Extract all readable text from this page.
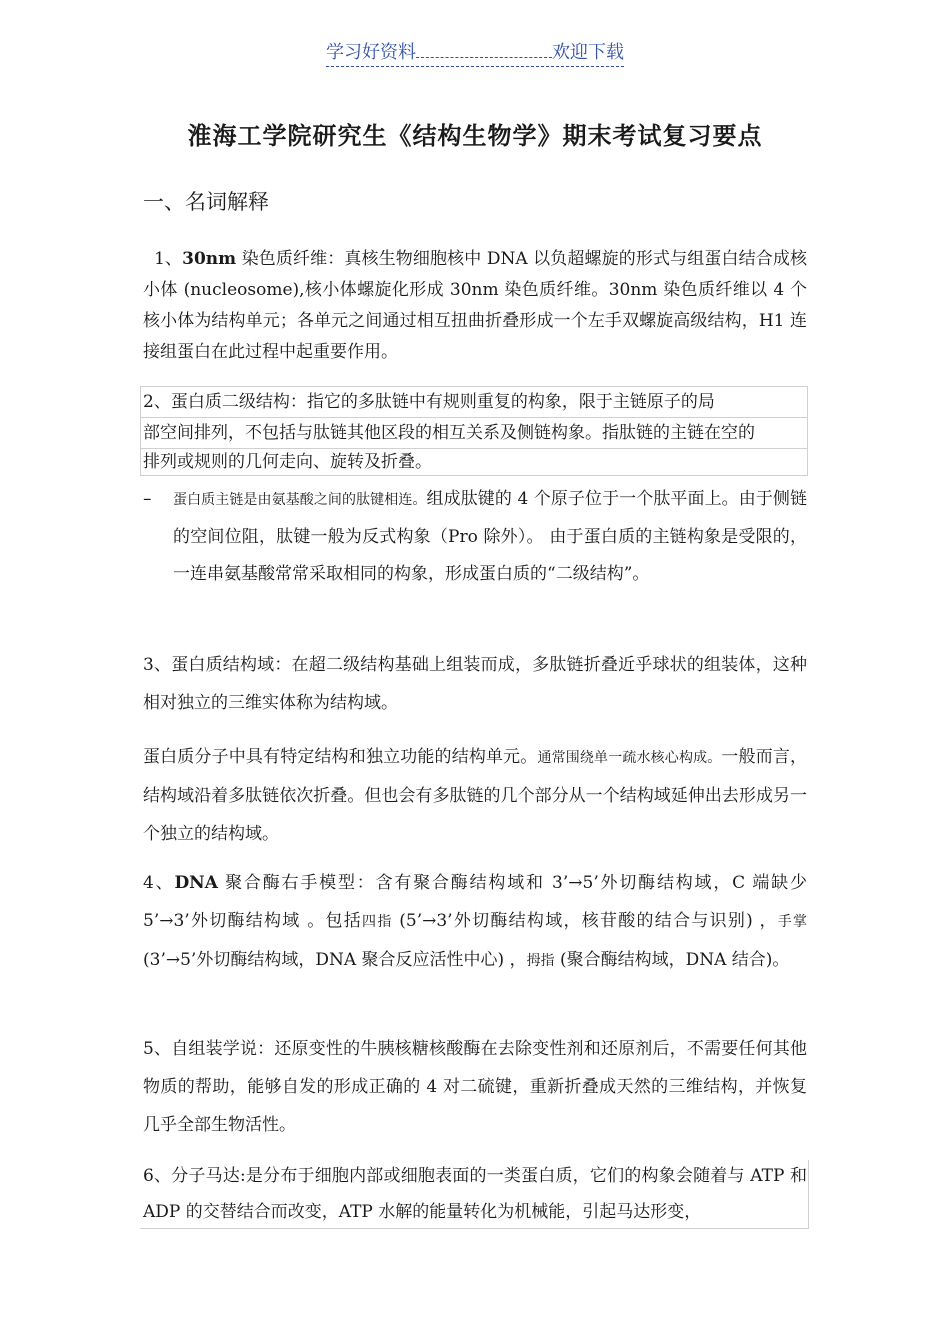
学习好资料	欢迎下载
淮海工学院研究生《结构生物学》期末考试复习要点
一、名词解释
1、30nm 染色质纤维：真核生物细胞核中 DNA 以负超螺旋的形式与组蛋白结合成核小体 (nucleosome),核小体螺旋化形成 30nm 染色质纤维。30nm 染色质纤维以 4 个核小体为结构单元；各单元之间通过相互扭曲折叠形成一个左手双螺旋高级结构，H1 连接组蛋白在此过程中起重要作用。
2、蛋白质二级结构：指它的多肽链中有规则重复的构象，限于主链原子的局
部空间排列，不包括与肽链其他区段的相互关系及侧链构象。指肽链的主链在空的
排列或规则的几何走向、旋转及折叠。
– 蛋白质主链是由氨基酸之间的肽键相连。组成肽键的 4 个原子位于一个肽平面上。由于侧链的空间位阻，肽键一般为反式构象（Pro 除外）。 由于蛋白质的主链构象是受限的，一连串氨基酸常常采取相同的构象，形成蛋白质的“二级结构”。
3、蛋白质结构域：在超二级结构基础上组装而成，多肽链折叠近乎球状的组装体，这种相对独立的三维实体称为结构域。
蛋白质分子中具有特定结构和独立功能的结构单元。通常围绕单一疏水核心构成。一般而言，结构域沿着多肽链依次折叠。但也会有多肽链的几个部分从一个结构域延伸出去形成另一个独立的结构域。
4、DNA 聚合酶右手模型：含有聚合酶结构域和 3’→5’外切酶结构域，C 端缺少 5’→3’外切酶结构域 。包括四指 (5’→3’外切酶结构域，核苷酸的结合与识别) ，手掌 (3’→5’外切酶结构域，DNA 聚合反应活性中心) ，拇指 (聚合酶结构域，DNA 结合)。
5、自组装学说：还原变性的牛胰核糖核酸酶在去除变性剂和还原剂后，不需要任何其他物质的帮助，能够自发的形成正确的 4 对二硫键，重新折叠成天然的三维结构，并恢复几乎全部生物活性。
6、分子马达:是分布于细胞内部或细胞表面的一类蛋白质，它们的构象会随着与 ATP 和 ADP 的交替结合而改变，ATP 水解的能量转化为机械能，引起马达形变，
